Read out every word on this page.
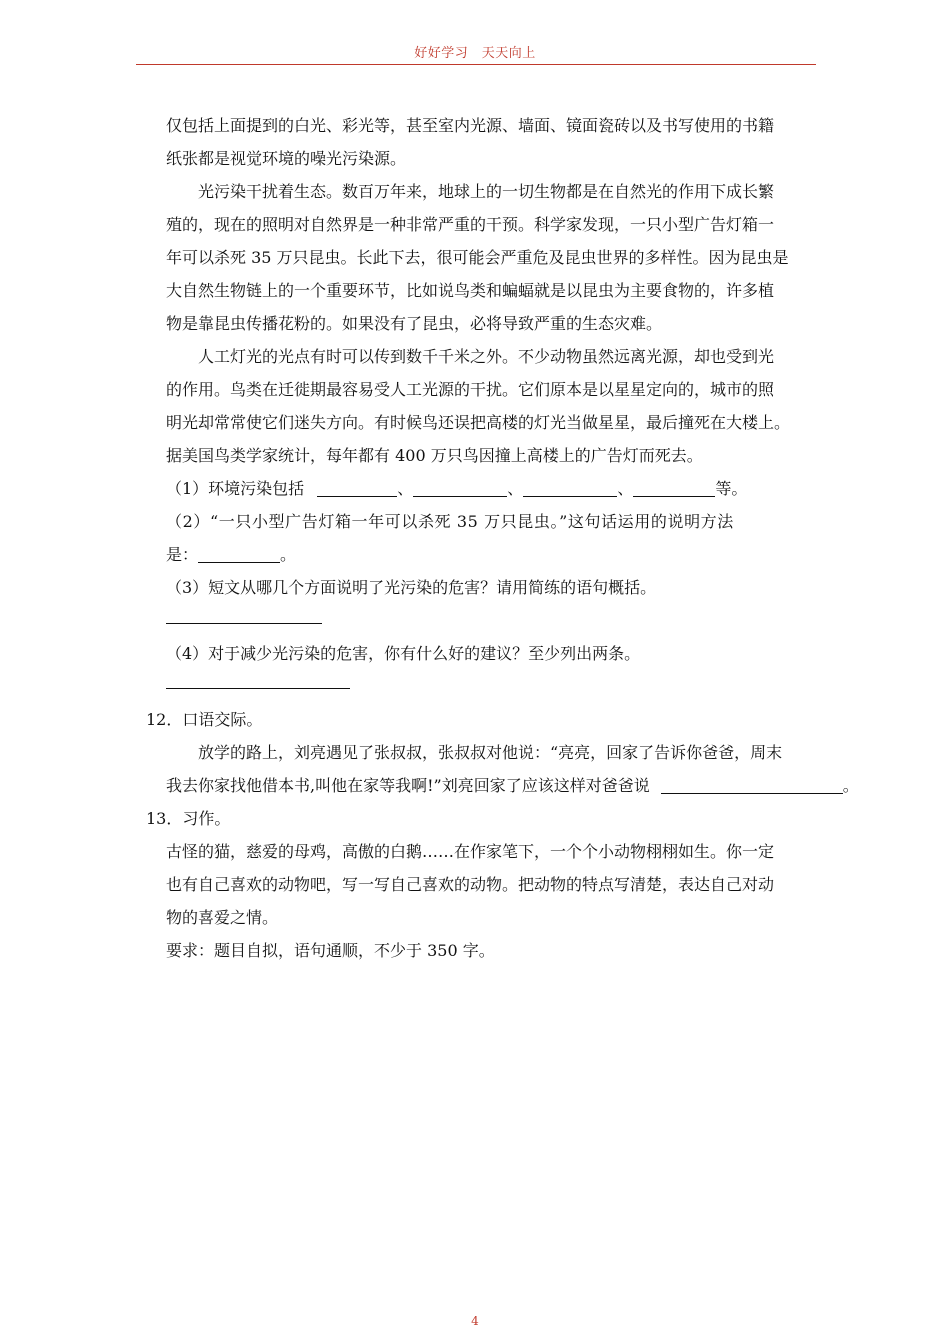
好好学习　天天向上
仅包括上面提到的白光、彩光等，甚至室内光源、墙面、镜面瓷砖以及书写使用的书籍
纸张都是视觉环境的噪光污染源。
光污染干扰着生态。数百万年来，地球上的一切生物都是在自然光的作用下成长繁
殖的，现在的照明对自然界是一种非常严重的干预。科学家发现，一只小型广告灯箱一
年可以杀死 35 万只昆虫。长此下去，很可能会严重危及昆虫世界的多样性。因为昆虫是
大自然生物链上的一个重要环节，比如说鸟类和蝙蝠就是以昆虫为主要食物的，许多植
物是靠昆虫传播花粉的。如果没有了昆虫，必将导致严重的生态灾难。
人工灯光的光点有时可以传到数千千米之外。不少动物虽然远离光源，却也受到光
的作用。鸟类在迁徙期最容易受人工光源的干扰。它们原本是以星星定向的，城市的照
明光却常常使它们迷失方向。有时候鸟还误把高楼的灯光当做星星，最后撞死在大楼上。
据美国鸟类学家统计，每年都有 400 万只鸟因撞上高楼上的广告灯而死去。
（1）环境污染包括	、	、	、	等。
（2）“一只小型广告灯箱一年可以杀死 35 万只昆虫。”这句话运用的说明方法
是：	。
（3）短文从哪几个方面说明了光污染的危害？请用简练的语句概括。
（4）对于减少光污染的危害，你有什么好的建议？至少列出两条。
12．口语交际。
放学的路上，刘亮遇见了张叔叔，张叔叔对他说：“亮亮，回家了告诉你爸爸，周末
我去你家找他借本书,叫他在家等我啊!”刘亮回家了应该这样对爸爸说	。
13．习作。
古怪的猫，慈爱的母鸡，高傲的白鹅……在作家笔下，一个个小动物栩栩如生。你一定
也有自己喜欢的动物吧，写一写自己喜欢的动物。把动物的特点写清楚，表达自己对动
物的喜爱之情。
要求：题目自拟，语句通顺，不少于 350 字。
4
